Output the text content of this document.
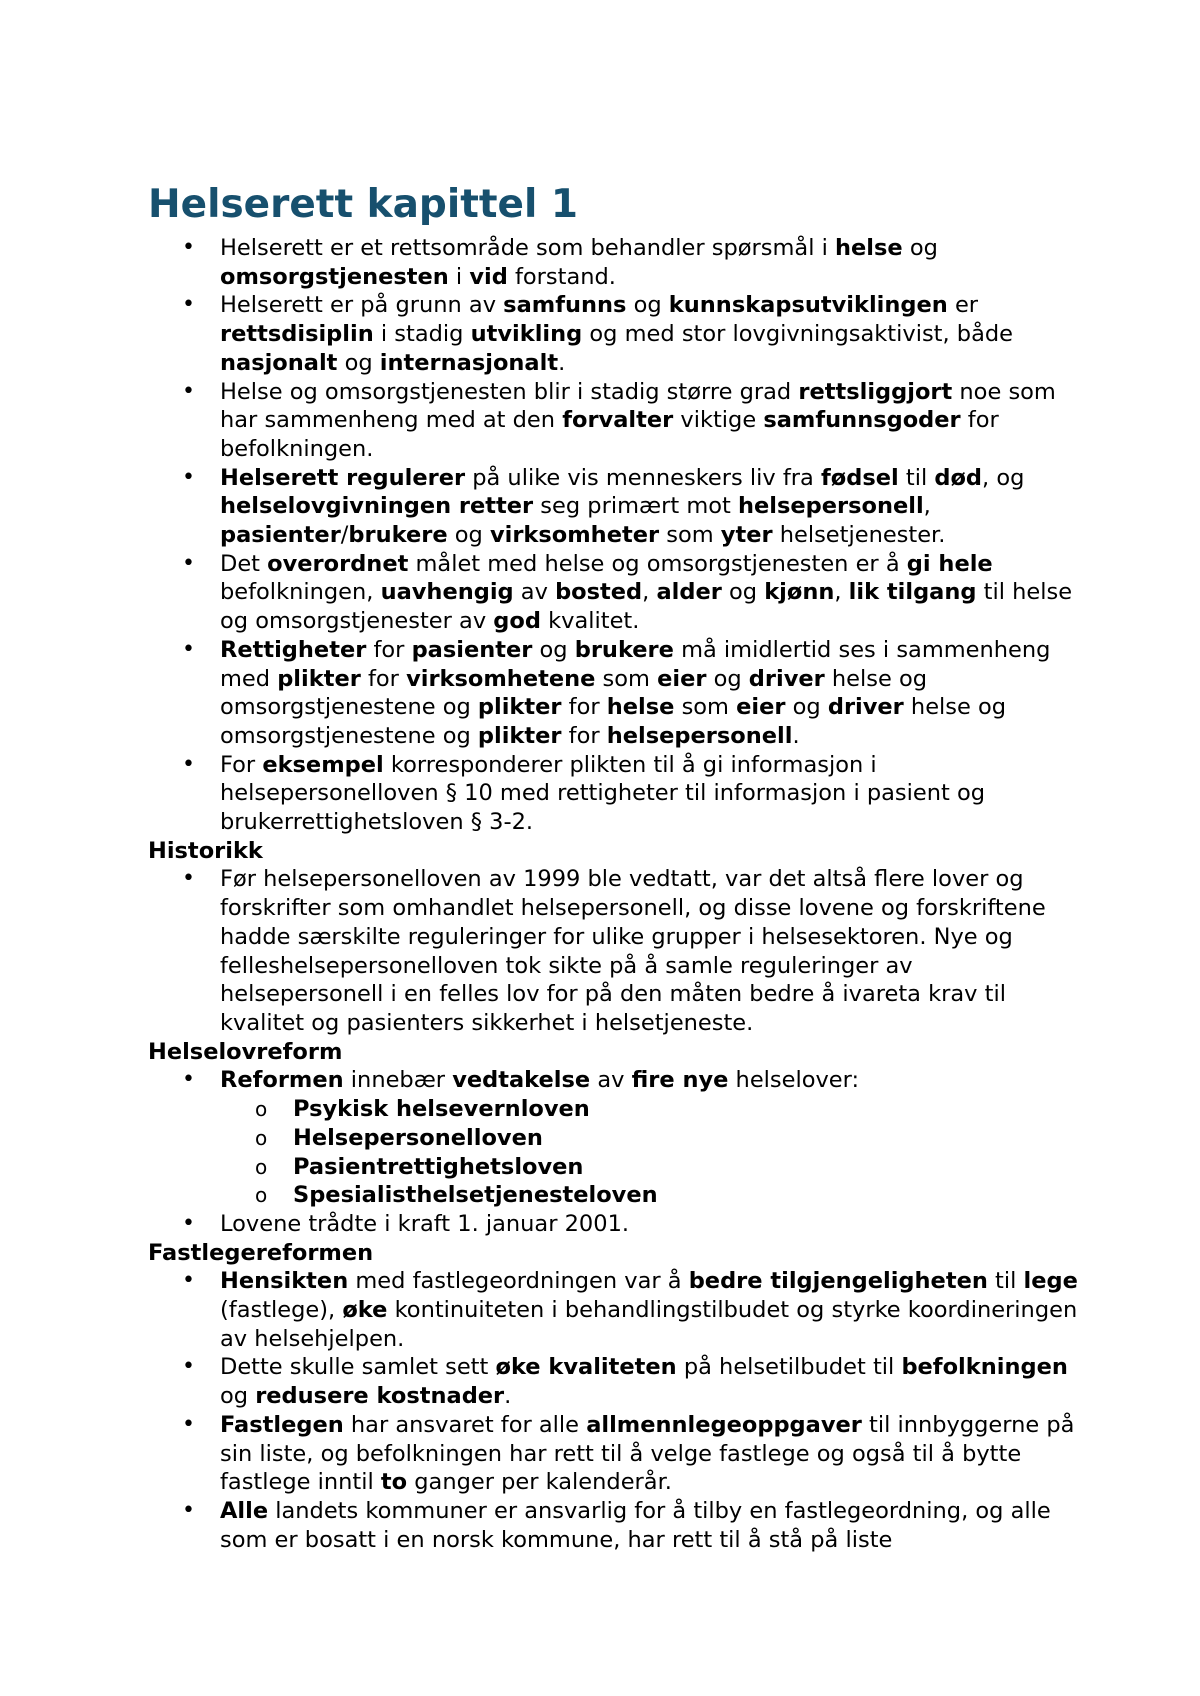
Helserett kapittel 1
• Helserett er et rettsområde som behandler spørsmål i helse og omsorgstjenesten i vid forstand.
• Helserett er på grunn av samfunns og kunnskapsutviklingen er rettsdisiplin i stadig utvikling og med stor lovgivningsaktivist, både nasjonalt og internasjonalt.
• Helse og omsorgstjenesten blir i stadig større grad rettsliggjort noe som har sammenheng med at den forvalter viktige samfunnsgoder for befolkningen.
• Helserett regulerer på ulike vis menneskers liv fra fødsel til død, og helselovgivningen retter seg primært mot helsepersonell, pasienter/brukere og virksomheter som yter helsetjenester.
• Det overordnet målet med helse og omsorgstjenesten er å gi hele befolkningen, uavhengig av bosted, alder og kjønn, lik tilgang til helse og omsorgstjenester av god kvalitet.
• Rettigheter for pasienter og brukere må imidlertid ses i sammenheng med plikter for virksomhetene som eier og driver helse og omsorgstjenestene og plikter for helse som eier og driver helse og omsorgstjenestene og plikter for helsepersonell.
• For eksempel korresponderer plikten til å gi informasjon i helsepersonelloven § 10 med rettigheter til informasjon i pasient og brukerrettighetsloven § 3-2.
Historikk
• Før helsepersonelloven av 1999 ble vedtatt, var det altså flere lover og forskrifter som omhandlet helsepersonell, og disse lovene og forskriftene hadde særskilte reguleringer for ulike grupper i helsesektoren. Nye og felleshelsepersonelloven tok sikte på å samle reguleringer av helsepersonell i en felles lov for på den måten bedre å ivareta krav til kvalitet og pasienters sikkerhet i helsetjeneste.
Helselovreform
• Reformen innebær vedtakelse av fire nye helselover:
o Psykisk helsevernloven
o Helsepersonelloven
o Pasientrettighetsloven
o Spesialisthelsetjenesteloven
• Lovene trådte i kraft 1. januar 2001.
Fastlegereformen
• Hensikten med fastlegeordningen var å bedre tilgjengeligheten til lege (fastlege), øke kontinuiteten i behandlingstilbudet og styrke koordineringen av helsehjelpen.
• Dette skulle samlet sett øke kvaliteten på helsetilbudet til befolkningen og redusere kostnader.
• Fastlegen har ansvaret for alle allmennlegeoppgaver til innbyggerne på sin liste, og befolkningen har rett til å velge fastlege og også til å bytte fastlege inntil to ganger per kalenderår.
• Alle landets kommuner er ansvarlig for å tilby en fastlegeordning, og alle som er bosatt i en norsk kommune, har rett til å stå på liste
